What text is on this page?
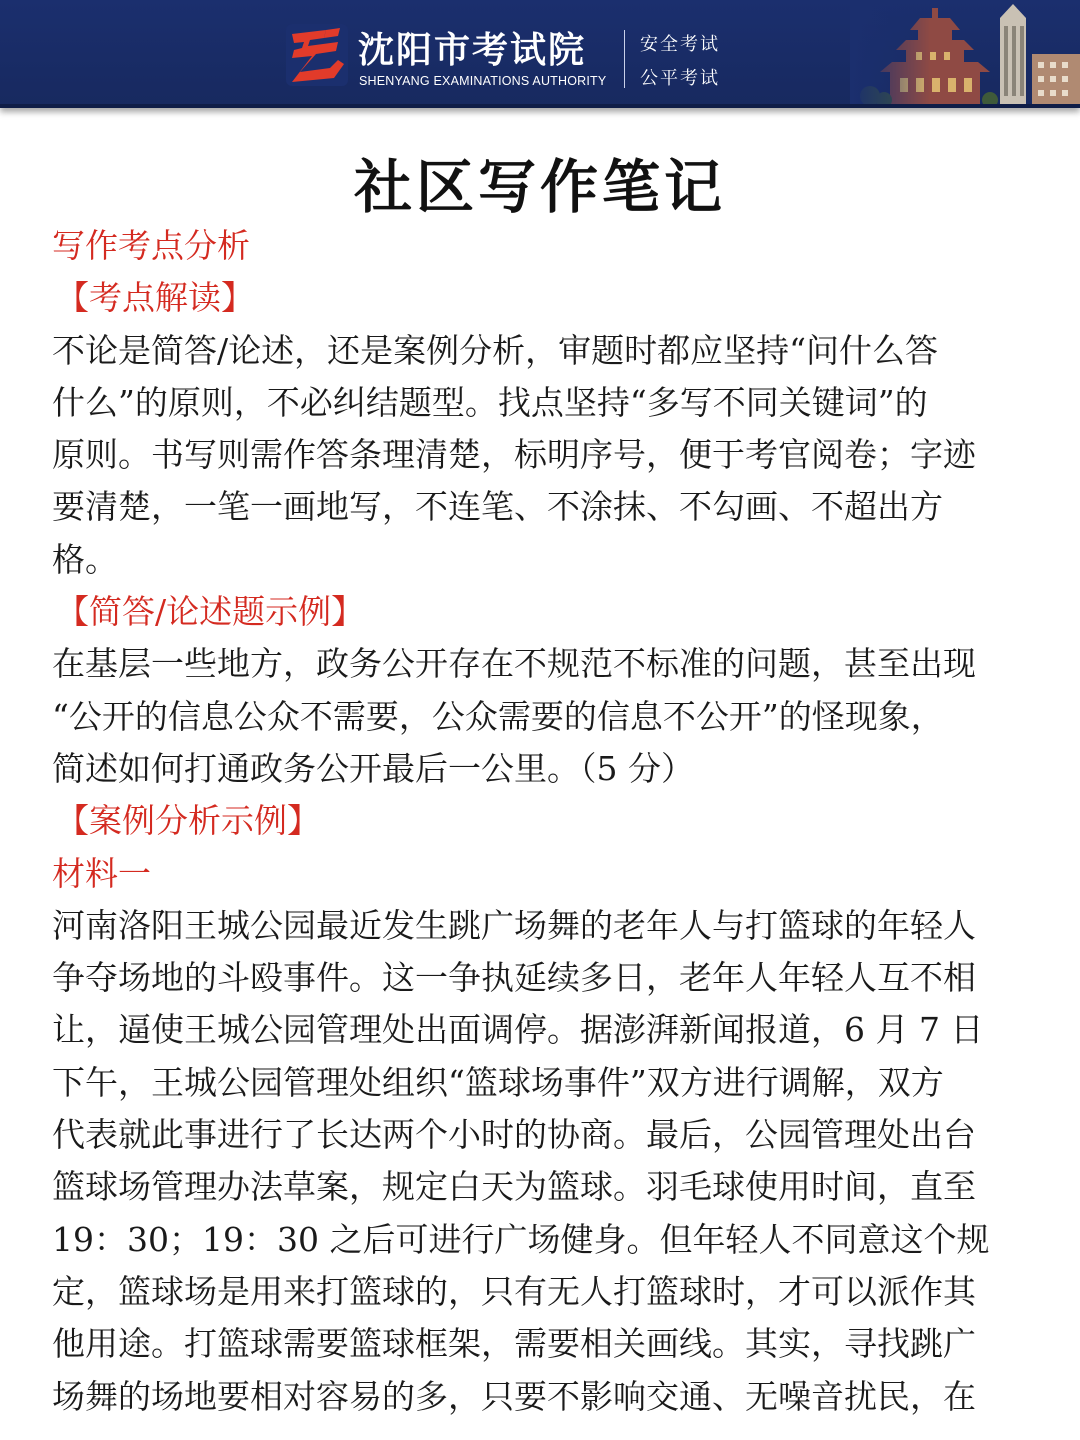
沈阳市考试院
SHENYANG EXAMINATIONS AUTHORITY
安全考试
公平考试
社区写作笔记
写作考点分析
【考点解读】
不论是简答/论述，还是案例分析，审题时都应坚持“问什么答
什么”的原则，不必纠结题型。找点坚持“多写不同关键词”的
原则。书写则需作答条理清楚，标明序号，便于考官阅卷；字迹
要清楚，一笔一画地写，不连笔、不涂抹、不勾画、不超出方
格。
【简答/论述题示例】
在基层一些地方，政务公开存在不规范不标准的问题，甚至出现
“公开的信息公众不需要，公众需要的信息不公开”的怪现象，
简述如何打通政务公开最后一公里。（5 分）
【案例分析示例】
材料一
河南洛阳王城公园最近发生跳广场舞的老年人与打篮球的年轻人
争夺场地的斗殴事件。这一争执延续多日，老年人年轻人互不相
让，逼使王城公园管理处出面调停。据澎湃新闻报道，6 月 7 日
下午，王城公园管理处组织“篮球场事件”双方进行调解，双方
代表就此事进行了长达两个小时的协商。最后，公园管理处出台
篮球场管理办法草案，规定白天为篮球。羽毛球使用时间，直至
19：30；19：30 之后可进行广场健身。但年轻人不同意这个规
定，篮球场是用来打篮球的，只有无人打篮球时，才可以派作其
他用途。打篮球需要篮球框架，需要相关画线。其实，寻找跳广
场舞的场地要相对容易的多，只要不影响交通、无噪音扰民，在
